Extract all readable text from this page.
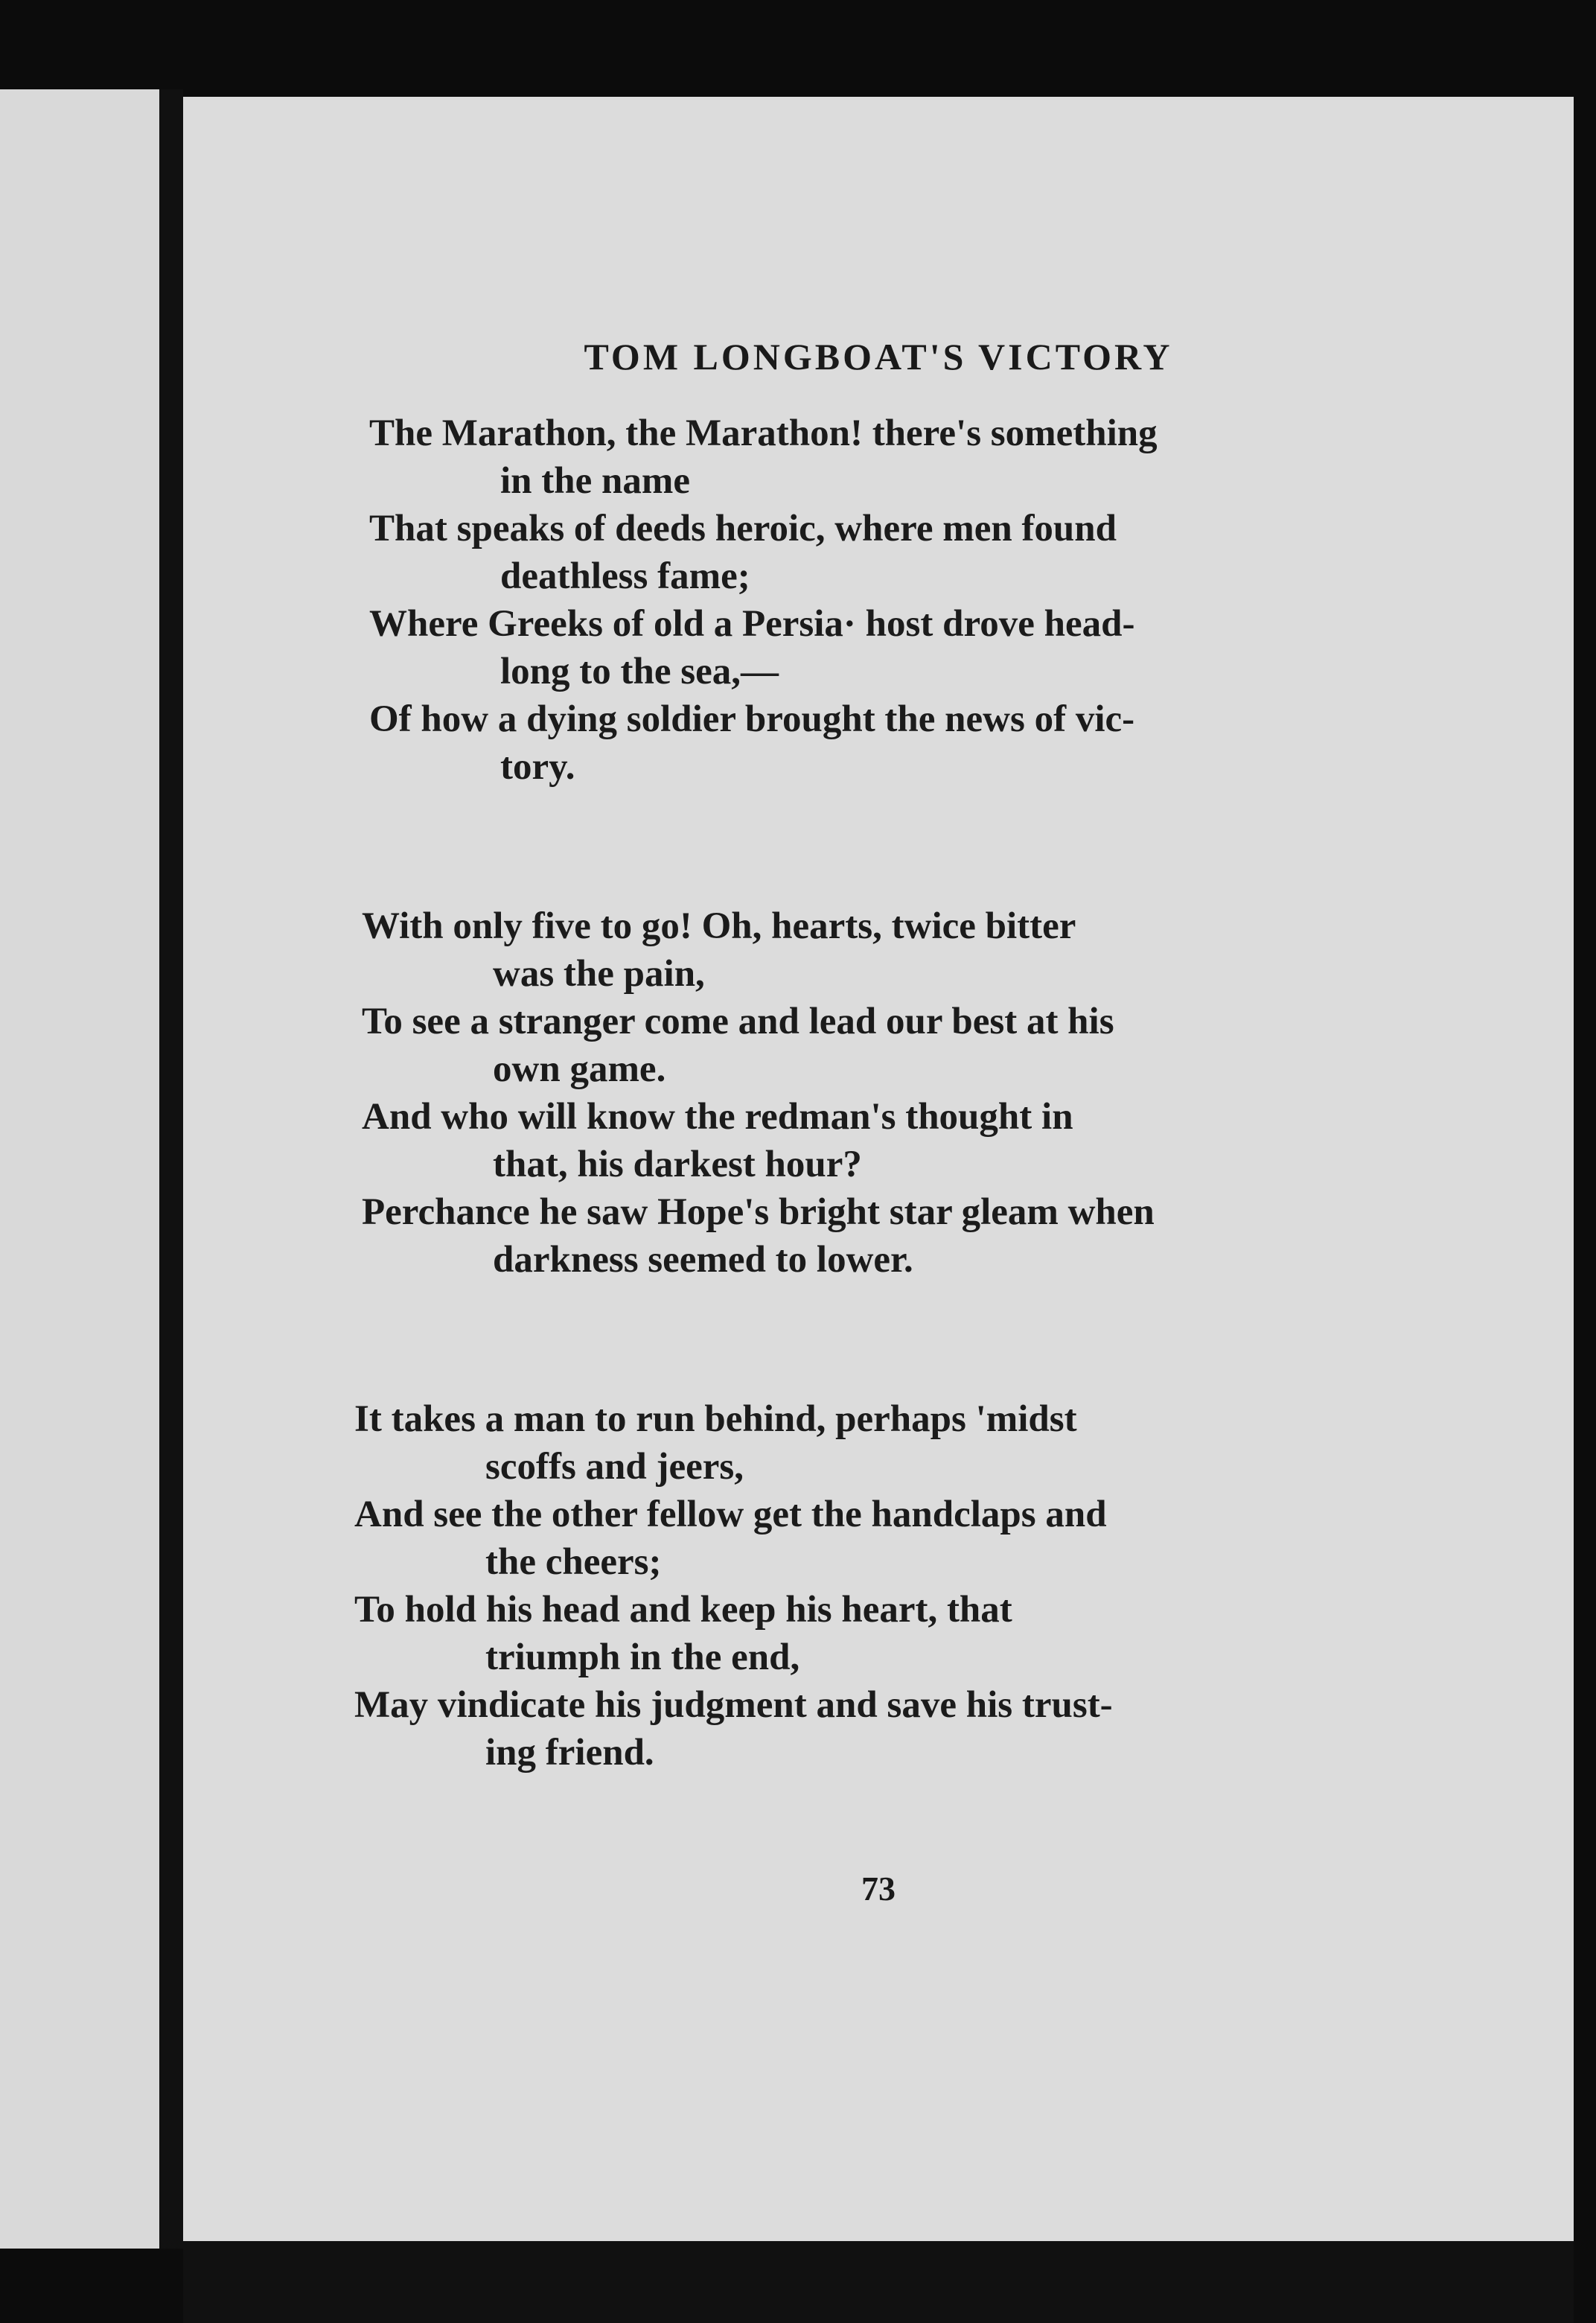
TOM LONGBOAT'S VICTORY
The Marathon, the Marathon! there's something
in the name
That speaks of deeds heroic, where men found
deathless fame;
Where Greeks of old a Persia· host drove head-
long to the sea,—
Of how a dying soldier brought the news of vic-
tory.
With only five to go! Oh, hearts, twice bitter
was the pain,
To see a stranger come and lead our best at his
own game.
And who will know the redman's thought in
that, his darkest hour?
Perchance he saw Hope's bright star gleam when
darkness seemed to lower.
It takes a man to run behind, perhaps 'midst
scoffs and jeers,
And see the other fellow get the handclaps and
the cheers;
To hold his head and keep his heart, that
triumph in the end,
May vindicate his judgment and save his trust-
ing friend.
73
